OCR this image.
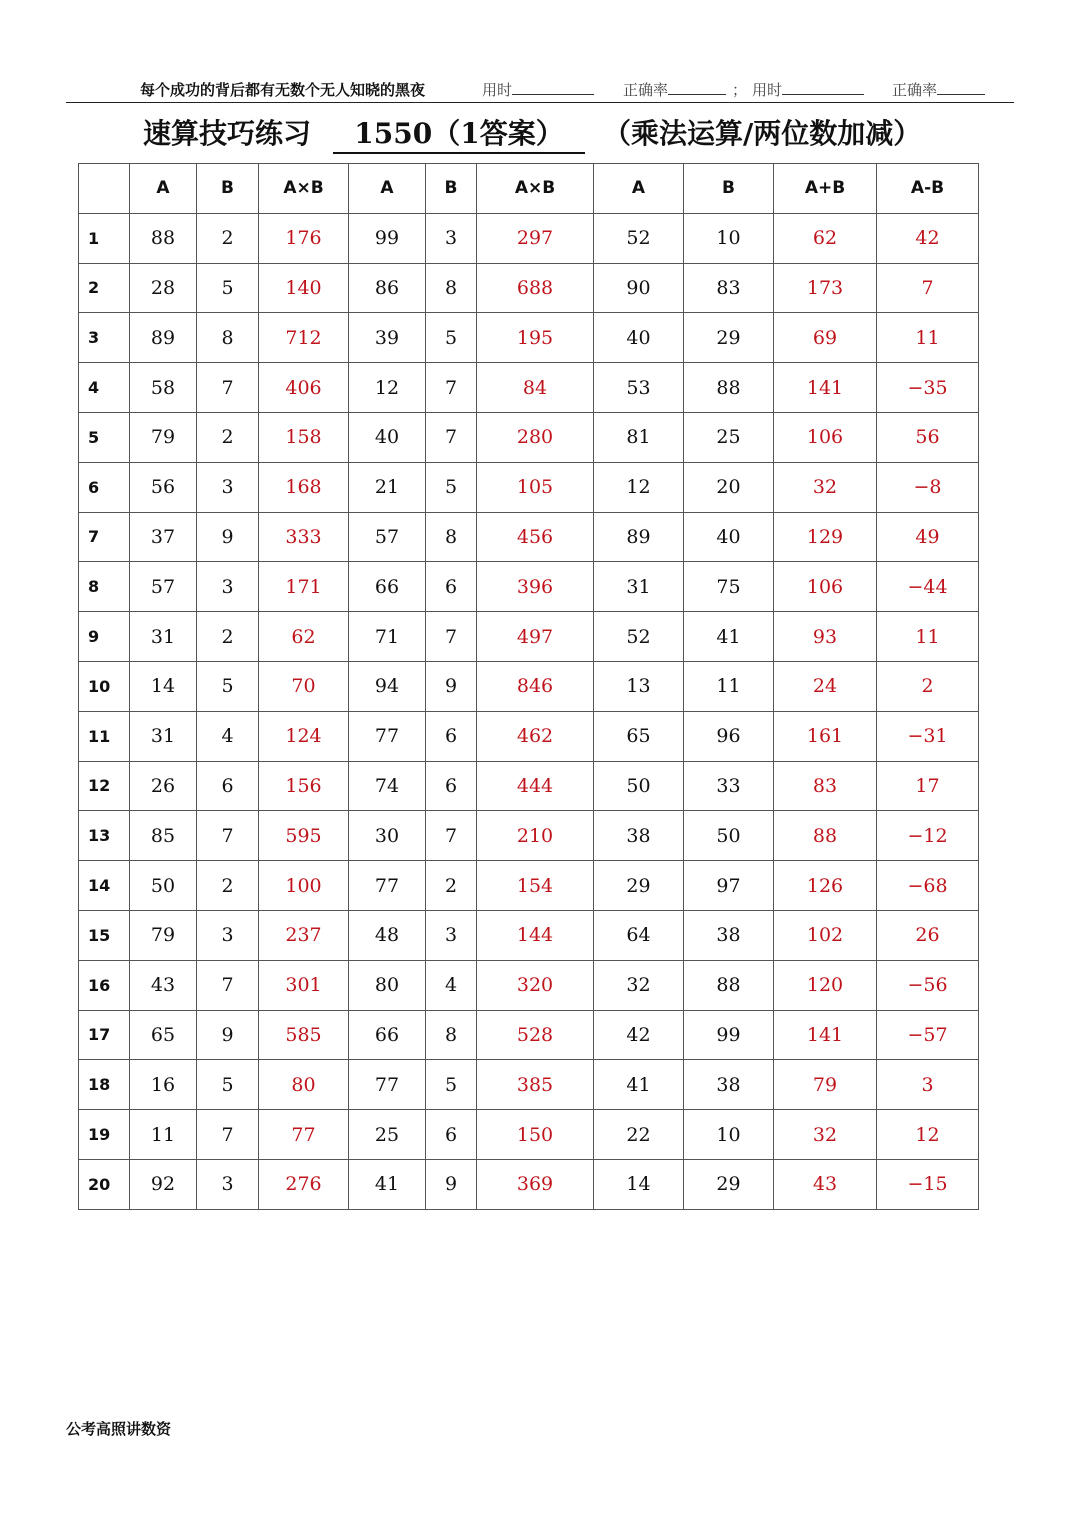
每个成功的背后都有无数个无人知晓的黑夜	用时	正确率	； 用时	正确率
速算技巧练习	1550（1答案）	（乘法运算/两位数加减）
	A	B	A×B	A	B	A×B	A	B	A+B	A-B
1	88	2	176	99	3	297	52	10	62	42
2	28	5	140	86	8	688	90	83	173	7
3	89	8	712	39	5	195	40	29	69	11
4	58	7	406	12	7	84	53	88	141	−35
5	79	2	158	40	7	280	81	25	106	56
6	56	3	168	21	5	105	12	20	32	−8
7	37	9	333	57	8	456	89	40	129	49
8	57	3	171	66	6	396	31	75	106	−44
9	31	2	62	71	7	497	52	41	93	11
10	14	5	70	94	9	846	13	11	24	2
11	31	4	124	77	6	462	65	96	161	−31
12	26	6	156	74	6	444	50	33	83	17
13	85	7	595	30	7	210	38	50	88	−12
14	50	2	100	77	2	154	29	97	126	−68
15	79	3	237	48	3	144	64	38	102	26
16	43	7	301	80	4	320	32	88	120	−56
17	65	9	585	66	8	528	42	99	141	−57
18	16	5	80	77	5	385	41	38	79	3
19	11	7	77	25	6	150	22	10	32	12
20	92	3	276	41	9	369	14	29	43	−15
公考高照讲数资
